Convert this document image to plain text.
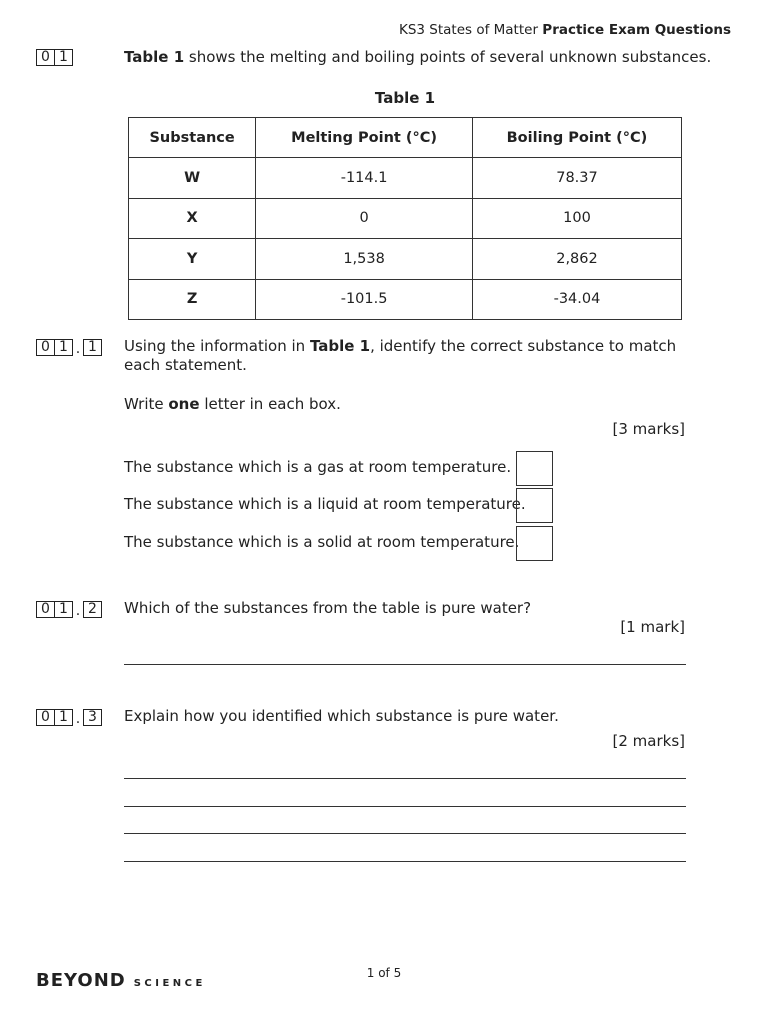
KS3 States of Matter Practice Exam Questions
0 1	Table 1 shows the melting and boiling points of several unknown substances.
Table 1
Substance	Melting Point (°C)	Boiling Point (°C)
W	-114.1	78.37
X	0	100
Y	1,538	2,862
Z	-101.5	-34.04
0 1 . 1	Using the information in Table 1, identify the correct substance to match
each statement.
Write one letter in each box.
[3 marks]
The substance which is a gas at room temperature.
The substance which is a liquid at room temperature.
The substance which is a solid at room temperature.
0 1 . 2	Which of the substances from the table is pure water?
[1 mark]
0 1 . 3	Explain how you identified which substance is pure water.
[2 marks]
BEYOND SCIENCE
1 of 5
